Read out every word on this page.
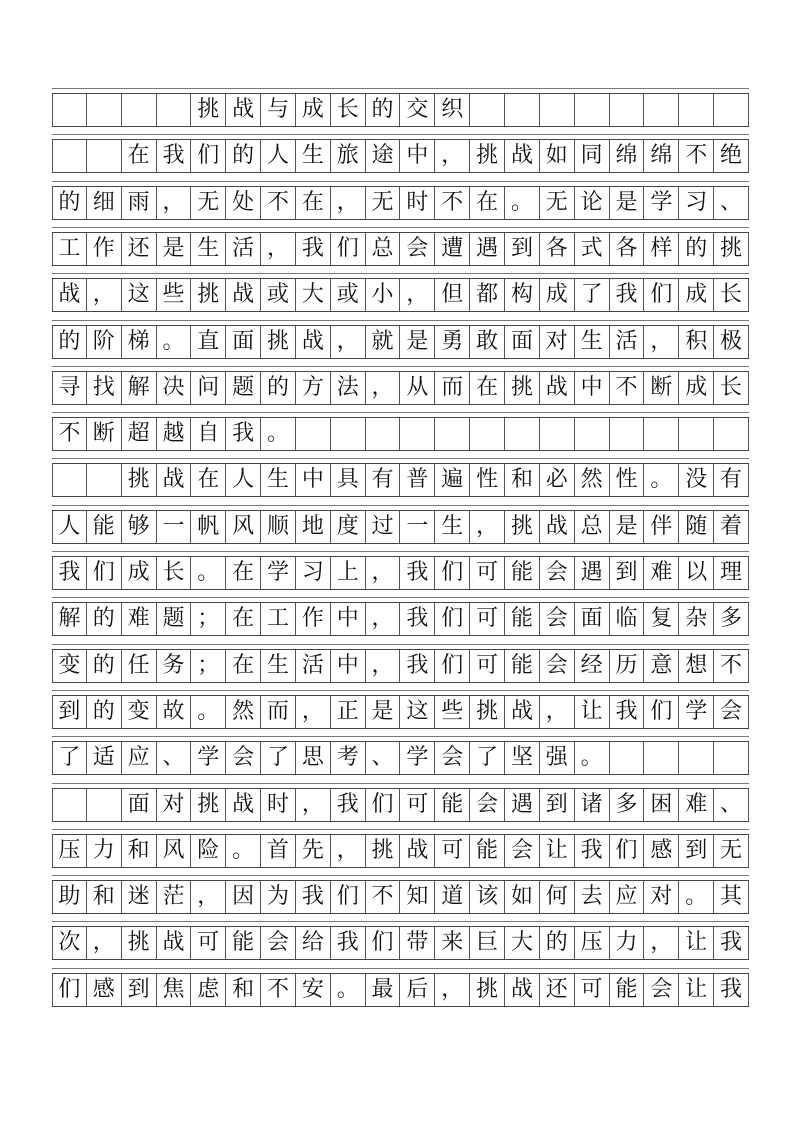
挑 战 与 成 长 的 交 织
在 我 们 的 人 生 旅 途 中 ， 挑 战 如 同 绵 绵 不 绝
的 细 雨 ， 无 处 不 在 ， 无 时 不 在 。 无 论 是 学 习 、
工 作 还 是 生 活 ， 我 们 总 会 遭 遇 到 各 式 各 样 的 挑
战 ， 这 些 挑 战 或 大 或 小 ， 但 都 构 成 了 我 们 成 长
的 阶 梯 。 直 面 挑 战 ， 就 是 勇 敢 面 对 生 活 ， 积 极
寻 找 解 决 问 题 的 方 法 ， 从 而 在 挑 战 中 不 断 成 长
不 断 超 越 自 我 。
挑 战 在 人 生 中 具 有 普 遍 性 和 必 然 性 。 没 有
人 能 够 一 帆 风 顺 地 度 过 一 生 ， 挑 战 总 是 伴 随 着
我 们 成 长 。 在 学 习 上 ， 我 们 可 能 会 遇 到 难 以 理
解 的 难 题 ； 在 工 作 中 ， 我 们 可 能 会 面 临 复 杂 多
变 的 任 务 ； 在 生 活 中 ， 我 们 可 能 会 经 历 意 想 不
到 的 变 故 。 然 而 ， 正 是 这 些 挑 战 ， 让 我 们 学 会
了 适 应 、 学 会 了 思 考 、 学 会 了 坚 强 。
面 对 挑 战 时 ， 我 们 可 能 会 遇 到 诸 多 困 难 、
压 力 和 风 险 。 首 先 ， 挑 战 可 能 会 让 我 们 感 到 无
助 和 迷 茫 ， 因 为 我 们 不 知 道 该 如 何 去 应 对 。 其
次 ， 挑 战 可 能 会 给 我 们 带 来 巨 大 的 压 力 ， 让 我
们 感 到 焦 虑 和 不 安 。 最 后 ， 挑 战 还 可 能 会 让 我
